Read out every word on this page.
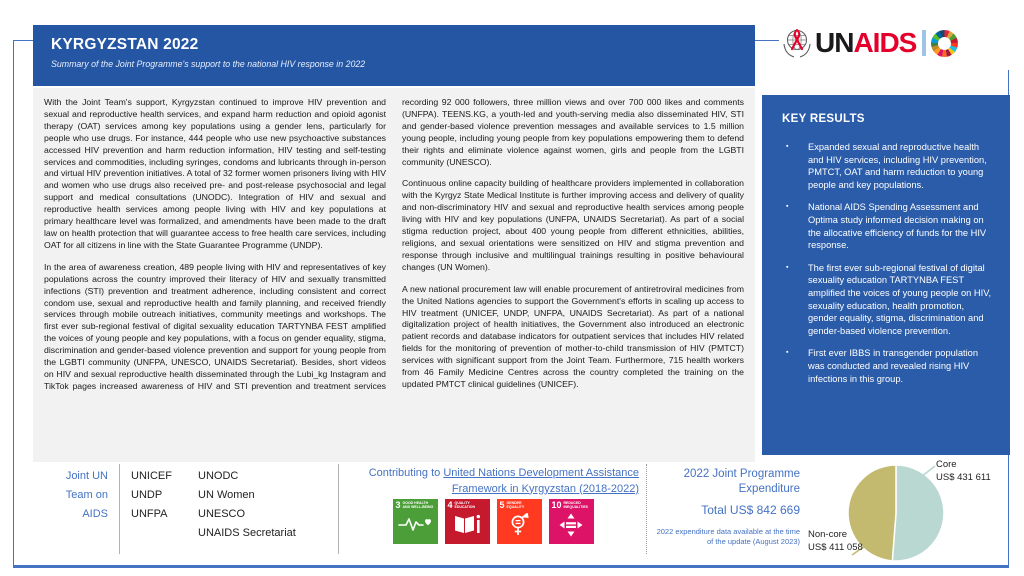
KYRGYZSTAN 2022
Summary of the Joint Programme's support to the national HIV response in 2022
UNAIDS

With the Joint Team's support, Kyrgyzstan continued to improve HIV prevention and sexual and reproductive health services, and expand harm reduction and opioid agonist therapy (OAT) services among key populations using a gender lens, particularly for people who use drugs. For instance, 444 people who use new psychoactive substances accessed HIV prevention and harm reduction information, HIV testing and self-testing services and commodities, including syringes, condoms and lubricants through in-person and virtual HIV prevention initiatives. A total of 32 former women prisoners living with HIV and women who use drugs also received pre- and post-release psychosocial and legal support and medical consultations (UNODC). Integration of HIV and sexual and reproductive health services among people living with HIV and key populations at primary healthcare level was formalized, and amendments have been made to the draft law on health protection that will guarantee access to free health care services, including OAT for all citizens in line with the State Guarantee Programme (UNDP).

In the area of awareness creation, 489 people living with HIV and representatives of key populations across the country improved their literacy of HIV and sexually transmitted infections (STI) prevention and treatment adherence, including consistent and correct condom use, sexual and reproductive health and family planning, and received friendly services through mobile outreach initiatives, community meetings and workshops. The first ever sub-regional festival of digital sexuality education TARTYNBA FEST amplified the voices of young people and key populations, with a focus on gender equality, stigma, discrimination and gender-based violence prevention and support for young people from the LGBTI community (UNFPA, UNESCO, UNAIDS Secretariat). Besides, short videos on HIV and sexual reproductive health disseminated through the Lubi_kg Instagram and TikTok pages increased awareness of HIV and STI prevention and treatment services recording 92 000 followers, three million views and over 700 000 likes and comments (UNFPA). TEENS.KG, a youth-led and youth-serving media also disseminated HIV, STI and gender-based violence prevention messages and available services to 1.5 million young people, including young people from key populations empowering them to defend their rights and eliminate violence against women, girls and people from the LGBTI community (UNESCO).

Continuous online capacity building of healthcare providers implemented in collaboration with the Kyrgyz State Medical Institute is further improving access and delivery of quality and non-discriminatory HIV and sexual and reproductive health services among people living with HIV and key populations (UNFPA, UNAIDS Secretariat). As part of a social stigma reduction project, about 400 young people from different ethnicities, abilities, religions, and sexual orientations were sensitized on HIV and stigma prevention and response through inclusive and multilingual trainings resulting in positive behavioural changes (UN Women).

A new national procurement law will enable procurement of antiretroviral medicines from the United Nations agencies to support the Government's efforts in scaling up access to HIV treatment (UNICEF, UNDP, UNFPA, UNAIDS Secretariat). As part of a national digitalization project of health initiatives, the Government also introduced an electronic patient records and database indicators for outpatient services that includes HIV related fields for the monitoring of prevention of mother-to-child transmission of HIV (PMTCT) services with significant support from the Joint Team. Furthermore, 715 health workers from 46 Family Medicine Centres across the country completed the training on the updated PMTCT clinical guidelines (UNICEF).

KEY RESULTS
▪	Expanded sexual and reproductive health and HIV services, including HIV prevention, PMTCT, OAT and harm reduction to young people and key populations.
▪	National AIDS Spending Assessment and Optima study informed decision making on the allocative efficiency of funds for the HIV response.
▪	The first ever sub-regional festival of digital sexuality education TARTYNBA FEST amplified the voices of young people on HIV, sexuality education, health promotion, gender equality, stigma, discrimination and gender-based violence prevention.
▪	First ever IBBS in transgender population was conducted and revealed rising HIV infections in this group.
Joint UN
Team on
AIDS
UNICEF
UNDP
UNFPA
UNODC
UN Women
UNESCO
UNAIDS Secretariat
Contributing to United Nations Development Assistance Framework in Kyrgyzstan (2018-2022)
3 GOOD HEALTH AND WELL-BEING 4 QUALITY EDUCATION	5 GENDER EQUALITY	10 REDUCED INEQUALITIES
2022 Joint Programme Expenditure
Total US$ 842 669
2022 expenditure data available at the time of the update (August 2023)
Core
US$ 431 611
Non-core
US$ 411 058
